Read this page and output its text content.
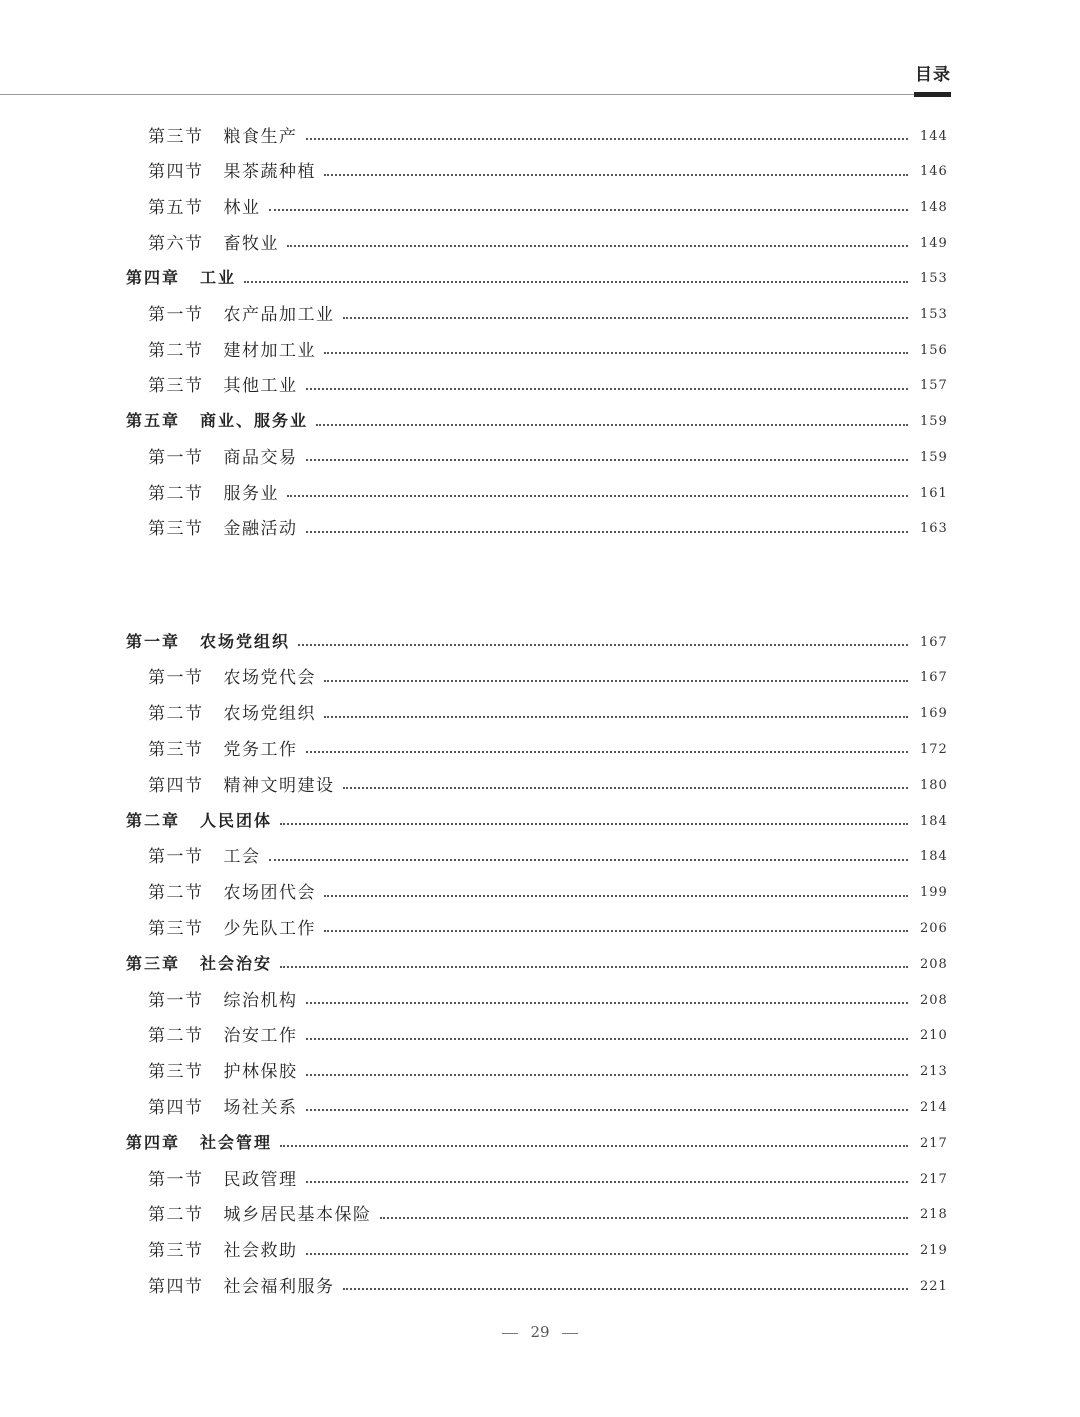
目录
第三节 粮食生产	144
第四节 果茶蔬种植	146
第五节 林业	148
第六节 畜牧业	149
第四章 工业	153
第一节 农产品加工业	153
第二节 建材加工业	156
第三节 其他工业	157
第五章 商业、服务业	159
第一节 商品交易	159
第二节 服务业	161
第三节 金融活动	163
第一章 农场党组织	167
第一节 农场党代会	167
第二节 农场党组织	169
第三节 党务工作	172
第四节 精神文明建设	180
第二章 人民团体	184
第一节 工会	184
第二节 农场团代会	199
第三节 少先队工作	206
第三章 社会治安	208
第一节 综治机构	208
第二节 治安工作	210
第三节 护林保胶	213
第四节 场社关系	214
第四章 社会管理	217
第一节 民政管理	217
第二节 城乡居民基本保险	218
第三节 社会救助	219
第四节 社会福利服务	221
29
